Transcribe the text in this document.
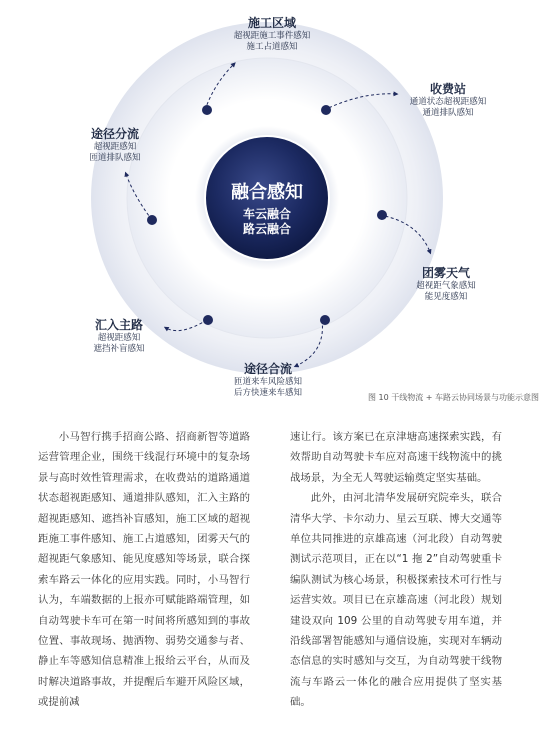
融合感知
车云融合
路云融合
施工区域
超视距施工事件感知
施工占道感知
收费站
通道状态超视距感知
通道排队感知
团雾天气
超视距气象感知
能见度感知
途径合流
匝道来车风险感知
后方快速来车感知
汇入主路
超视距感知
遮挡补盲感知
途径分流
超视距感知
匝道排队感知
图 10 干线物流 + 车路云协同场景与功能示意图

小马智行携手招商公路、招商新智等道路运营管理企业，围绕干线混行环境中的复杂场景与高时效性管理需求，在收费站的道路通道状态超视距感知、通道排队感知，汇入主路的超视距感知、遮挡补盲感知，施工区域的超视距施工事件感知、施工占道感知，团雾天气的超视距气象感知、能见度感知等场景，联合探索车路云一体化的应用实践。同时，小马智行认为，车端数据的上报亦可赋能路端管理，如自动驾驶卡车可在第一时间将所感知到的事故位置、事故现场、抛洒物、弱势交通参与者、静止车等感知信息精准上报给云平台，从而及时解决道路事故，并提醒后车避开风险区域，或提前减

速让行。该方案已在京津塘高速探索实践，有效帮助自动驾驶卡车应对高速干线物流中的挑战场景，为全无人驾驶运输奠定坚实基础。

此外，由河北清华发展研究院牵头，联合清华大学、卡尔动力、星云互联、博大交通等单位共同推进的京雄高速（河北段）自动驾驶测试示范项目，正在以“1 拖 2”自动驾驶重卡编队测试为核心场景，积极探索技术可行性与运营实效。项目已在京雄高速（河北段）规划建设双向 109 公里的自动驾驶专用车道，并沿线部署智能感知与通信设施，实现对车辆动态信息的实时感知与交互，为自动驾驶干线物流与车路云一体化的融合应用提供了坚实基础。
